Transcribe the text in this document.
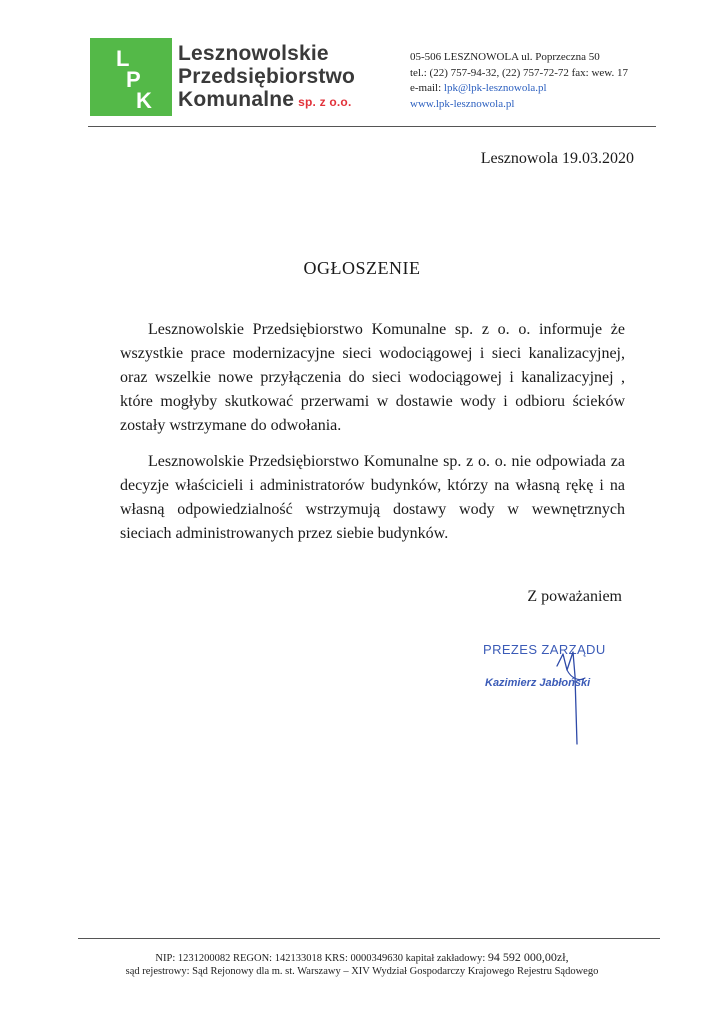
L
P
K
Lesznowolskie
Przedsiębiorstwo
Komunalne sp. z o.o.
05-506 LESZNOWOLA ul. Poprzeczna 50
tel.: (22) 757-94-32, (22) 757-72-72 fax: wew. 17
e-mail: lpk@lpk-lesznowola.pl
www.lpk-lesznowola.pl
Lesznowola 19.03.2020
OGŁOSZENIE
Lesznowolskie Przedsiębiorstwo Komunalne sp. z o. o. informuje że wszystkie prace modernizacyjne sieci wodociągowej i sieci kanalizacyjnej, oraz wszelkie nowe przyłączenia do sieci wodociągowej i kanalizacyjnej , które mogłyby skutkować przerwami w dostawie wody i odbioru ścieków zostały wstrzymane do odwołania.
Lesznowolskie Przedsiębiorstwo Komunalne sp. z o. o. nie odpowiada za decyzje właścicieli i administratorów budynków, którzy na własną rękę i na własną odpowiedzialność wstrzymują dostawy wody w wewnętrznych sieciach administrowanych przez siebie budynków.
Z poważaniem
PREZES ZARZĄDU
Kazimierz Jabłoński
NIP: 1231200082 REGON: 142133018 KRS: 0000349630 kapitał zakładowy: 94 592 000,00zł,
sąd rejestrowy: Sąd Rejonowy dla m. st. Warszawy – XIV Wydział Gospodarczy Krajowego Rejestru Sądowego
